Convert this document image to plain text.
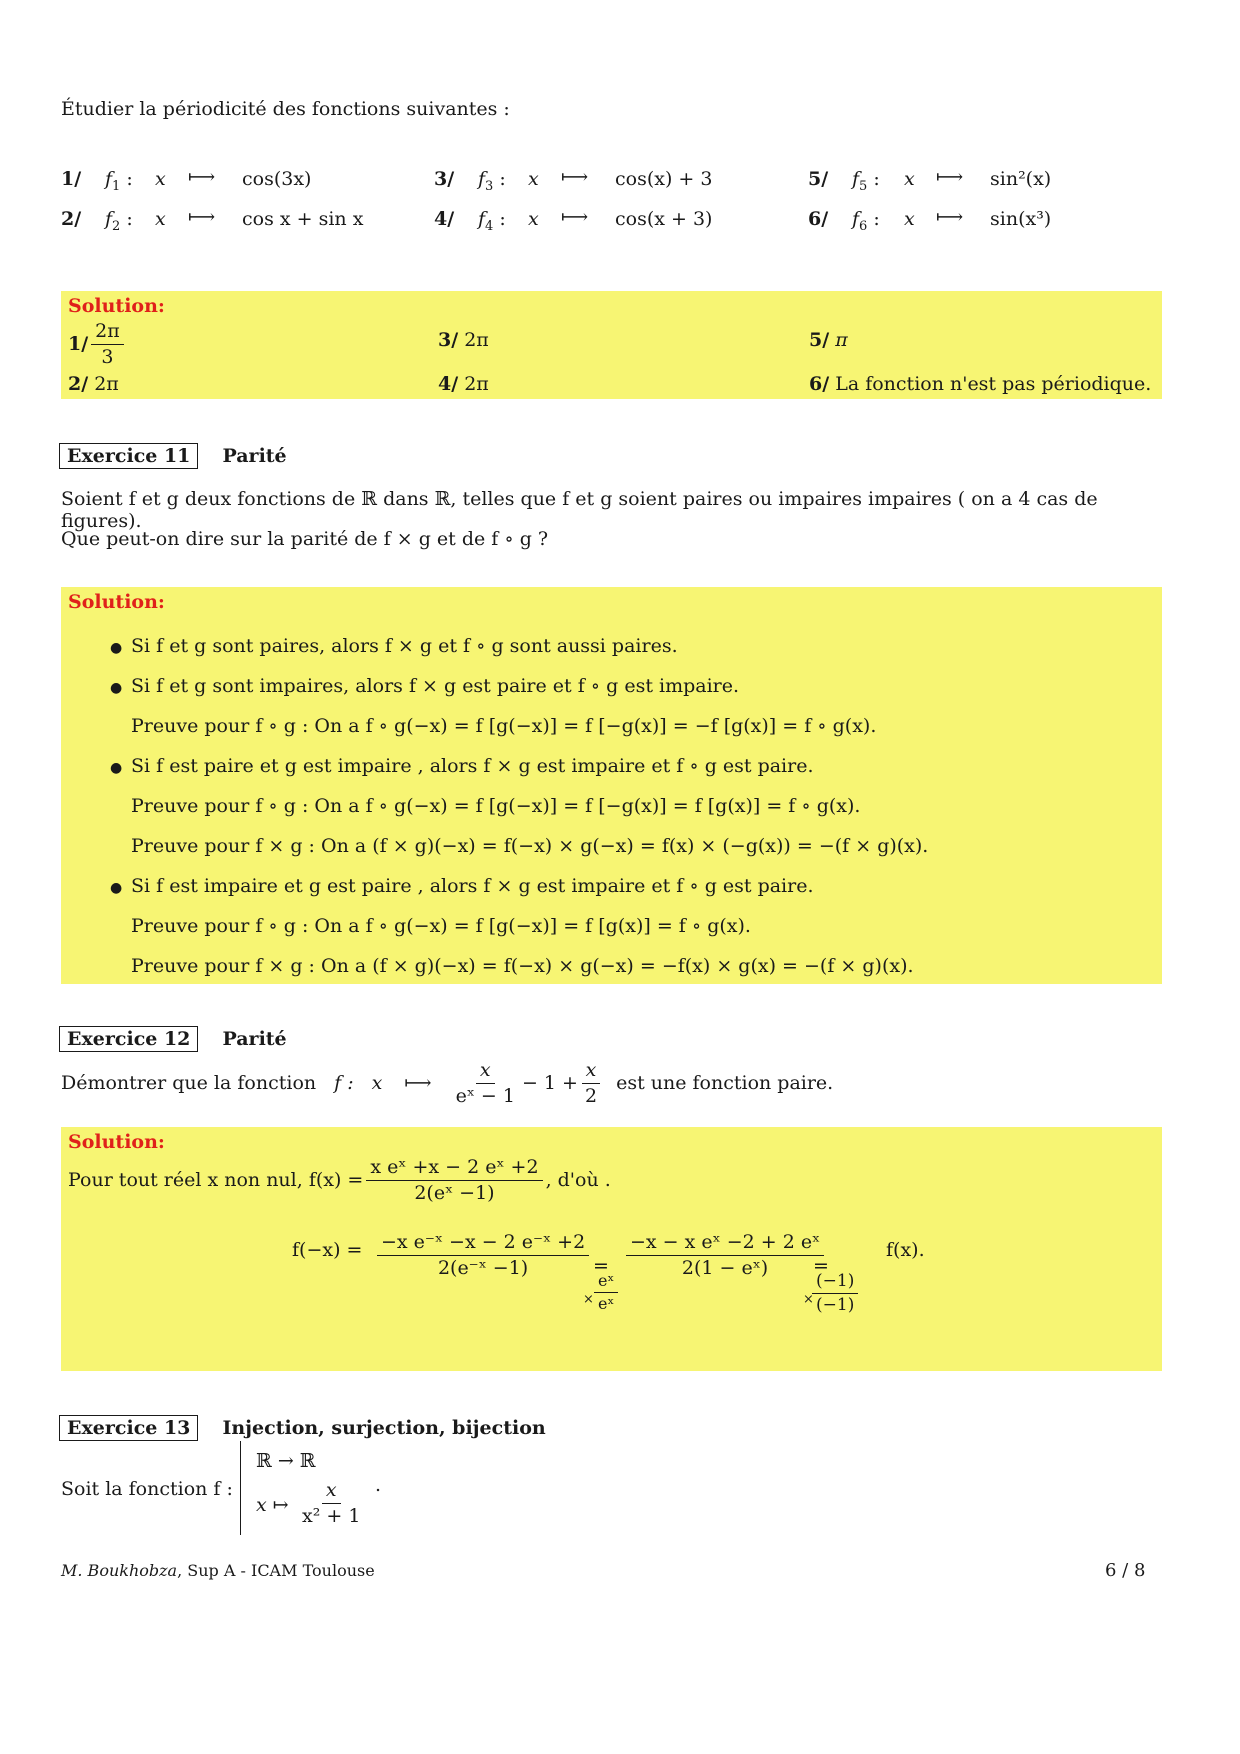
Étudier la périodicité des fonctions suivantes :
1/ $f_1$ : x ⟼ cos(3x)
2/ $f_2$ : x ⟼ cos x + sin x
3/ $f_3$ : x ⟼ cos(x) + 3
4/ $f_4$ : x ⟼ cos(x + 3)
5/ $f_5$ : x ⟼ sin²(x)
6/ $f_6$ : x ⟼ sin(x³)
Solution:
$1/ \frac{2\pi}{3}$
2/ 2π
3/ 2π
4/ 2π
5/ π
6/ La fonction n'est pas périodique.
Exercice 11 Parité
Soient f et g deux fonctions de ℝ dans ℝ, telles que f et g soient paires ou impaires impaires ( on a 4 cas de figures).
Que peut-on dire sur la parité de f × g et de f ∘ g ?
Solution:
● Si f et g sont paires, alors f × g et f ∘ g sont aussi paires.
● Si f et g sont impaires, alors f × g est paire et f ∘ g est impaire.
Preuve pour f ∘ g : On a f ∘ g(−x) = f [g(−x)] = f [−g(x)] = −f [g(x)] = f ∘ g(x).
● Si f est paire et g est impaire , alors f × g est impaire et f ∘ g est paire.
Preuve pour f ∘ g : On a f ∘ g(−x) = f [g(−x)] = f [−g(x)] = f [g(x)] = f ∘ g(x).
Preuve pour f × g : On a (f × g)(−x) = f(−x) × g(−x) = f(x) × (−g(x)) = −(f × g)(x).
● Si f est impaire et g est paire , alors f × g est impaire et f ∘ g est paire.
Preuve pour f ∘ g : On a f ∘ g(−x) = f [g(−x)] = f [g(x)] = f ∘ g(x).
Preuve pour f × g : On a (f × g)(−x) = f(−x) × g(−x) = −f(x) × g(x) = −(f × g)(x).
Exercice 12 Parité
Démontrer que la fonction f : x ⟼ $\frac{x}{\text{eˣ − 1}} - 1 + \frac{x}{2}$ est une fonction paire.
Solution:
Pour tout réel x non nul, $f(x) = \frac{\text{x eˣ +x − 2 eˣ +2}}{\text{2(eˣ −1)}}$ , d'où .
$f(-x) = \frac{\text{−x e⁻ˣ −x − 2 e⁻ˣ +2}}{\text{2(e⁻ˣ −1)}}$ =
× $\frac{\text{eˣ}}{\text{eˣ}}$
$\frac{\text{−x − x eˣ −2 + 2 eˣ}}{\text{2(1 − eˣ)}}$
=
×
$\frac{(-1)}{(-1)}$
f(x).
Exercice 13 Injection, surjection, bijection
Soit la fonction f :
ℝ → ℝ
x ↦ $\frac{x}{\text{x² + 1}}$ .
M. Boukhobza, Sup A - ICAM Toulouse	6 / 8
